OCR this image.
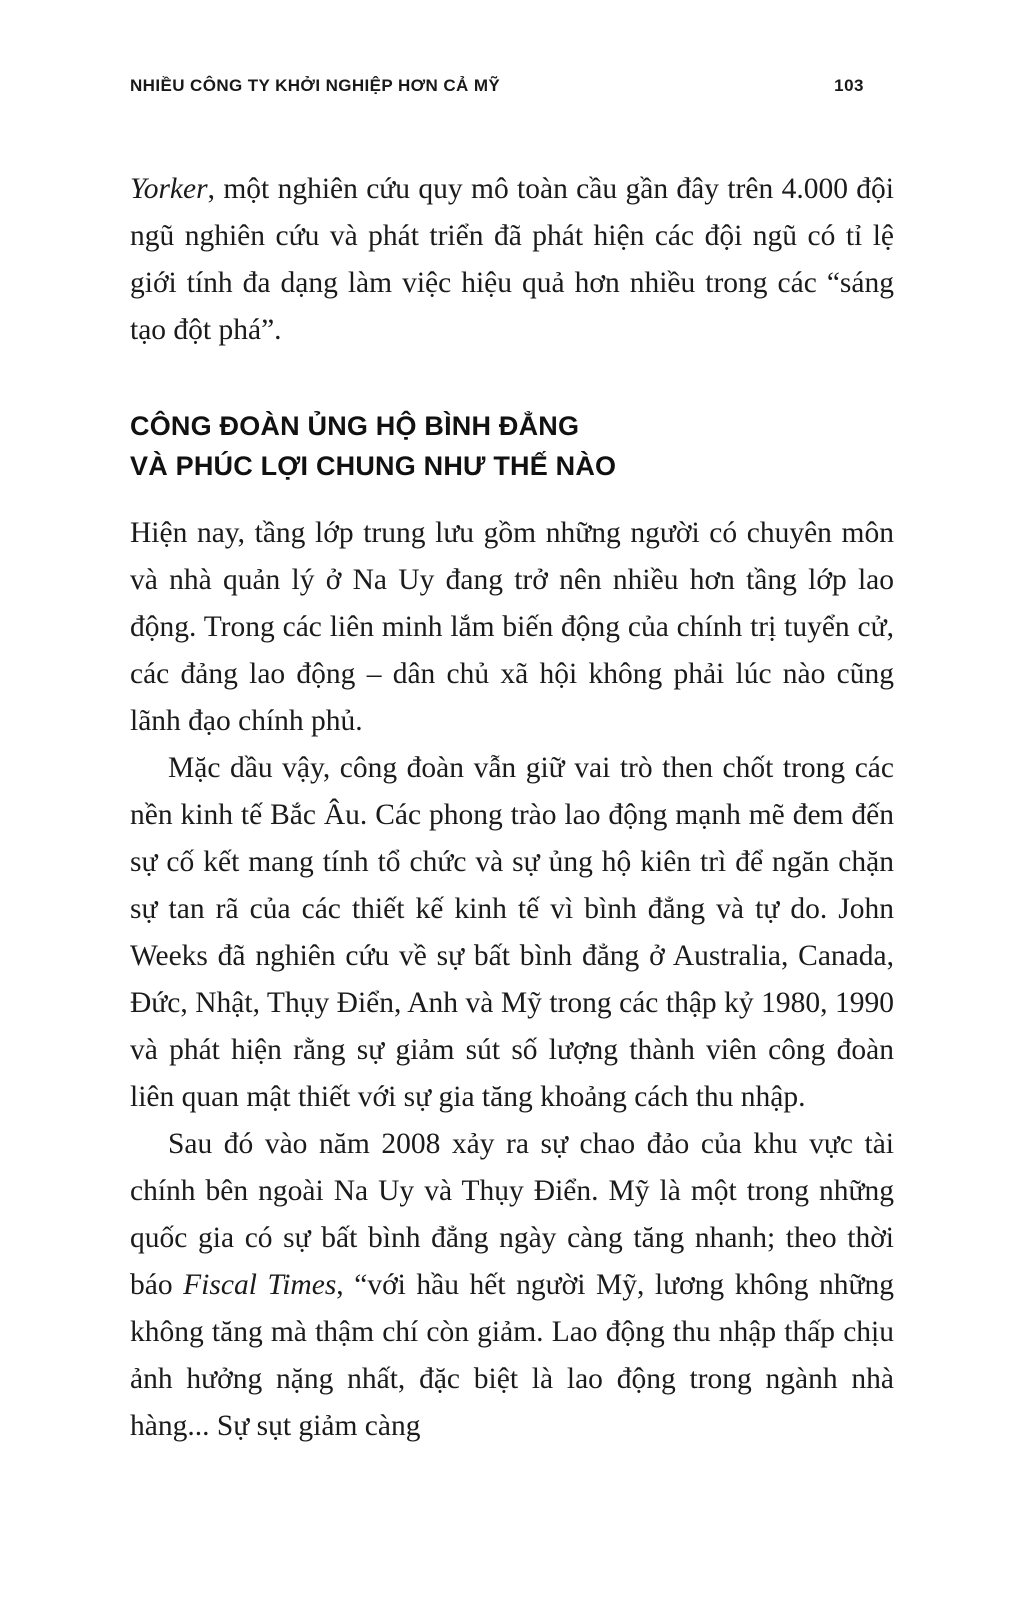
NHIỀU CÔNG TY KHỞI NGHIỆP HƠN CẢ MỸ	103

Yorker, một nghiên cứu quy mô toàn cầu gần đây trên 4.000 đội ngũ nghiên cứu và phát triển đã phát hiện các đội ngũ có tỉ lệ giới tính đa dạng làm việc hiệu quả hơn nhiều trong các “sáng tạo đột phá”.

CÔNG ĐOÀN ỦNG HỘ BÌNH ĐẲNG
VÀ PHÚC LỢI CHUNG NHƯ THẾ NÀO

Hiện nay, tầng lớp trung lưu gồm những người có chuyên môn và nhà quản lý ở Na Uy đang trở nên nhiều hơn tầng lớp lao động. Trong các liên minh lắm biến động của chính trị tuyển cử, các đảng lao động – dân chủ xã hội không phải lúc nào cũng lãnh đạo chính phủ.

Mặc dầu vậy, công đoàn vẫn giữ vai trò then chốt trong các nền kinh tế Bắc Âu. Các phong trào lao động mạnh mẽ đem đến sự cố kết mang tính tổ chức và sự ủng hộ kiên trì để ngăn chặn sự tan rã của các thiết kế kinh tế vì bình đẳng và tự do. John Weeks đã nghiên cứu về sự bất bình đẳng ở Australia, Canada, Đức, Nhật, Thụy Điển, Anh và Mỹ trong các thập kỷ 1980, 1990 và phát hiện rằng sự giảm sút số lượng thành viên công đoàn liên quan mật thiết với sự gia tăng khoảng cách thu nhập.

Sau đó vào năm 2008 xảy ra sự chao đảo của khu vực tài chính bên ngoài Na Uy và Thụy Điển. Mỹ là một trong những quốc gia có sự bất bình đẳng ngày càng tăng nhanh; theo thời báo Fiscal Times, “với hầu hết người Mỹ, lương không những không tăng mà thậm chí còn giảm. Lao động thu nhập thấp chịu ảnh hưởng nặng nhất, đặc biệt là lao động trong ngành nhà hàng... Sự sụt giảm càng
